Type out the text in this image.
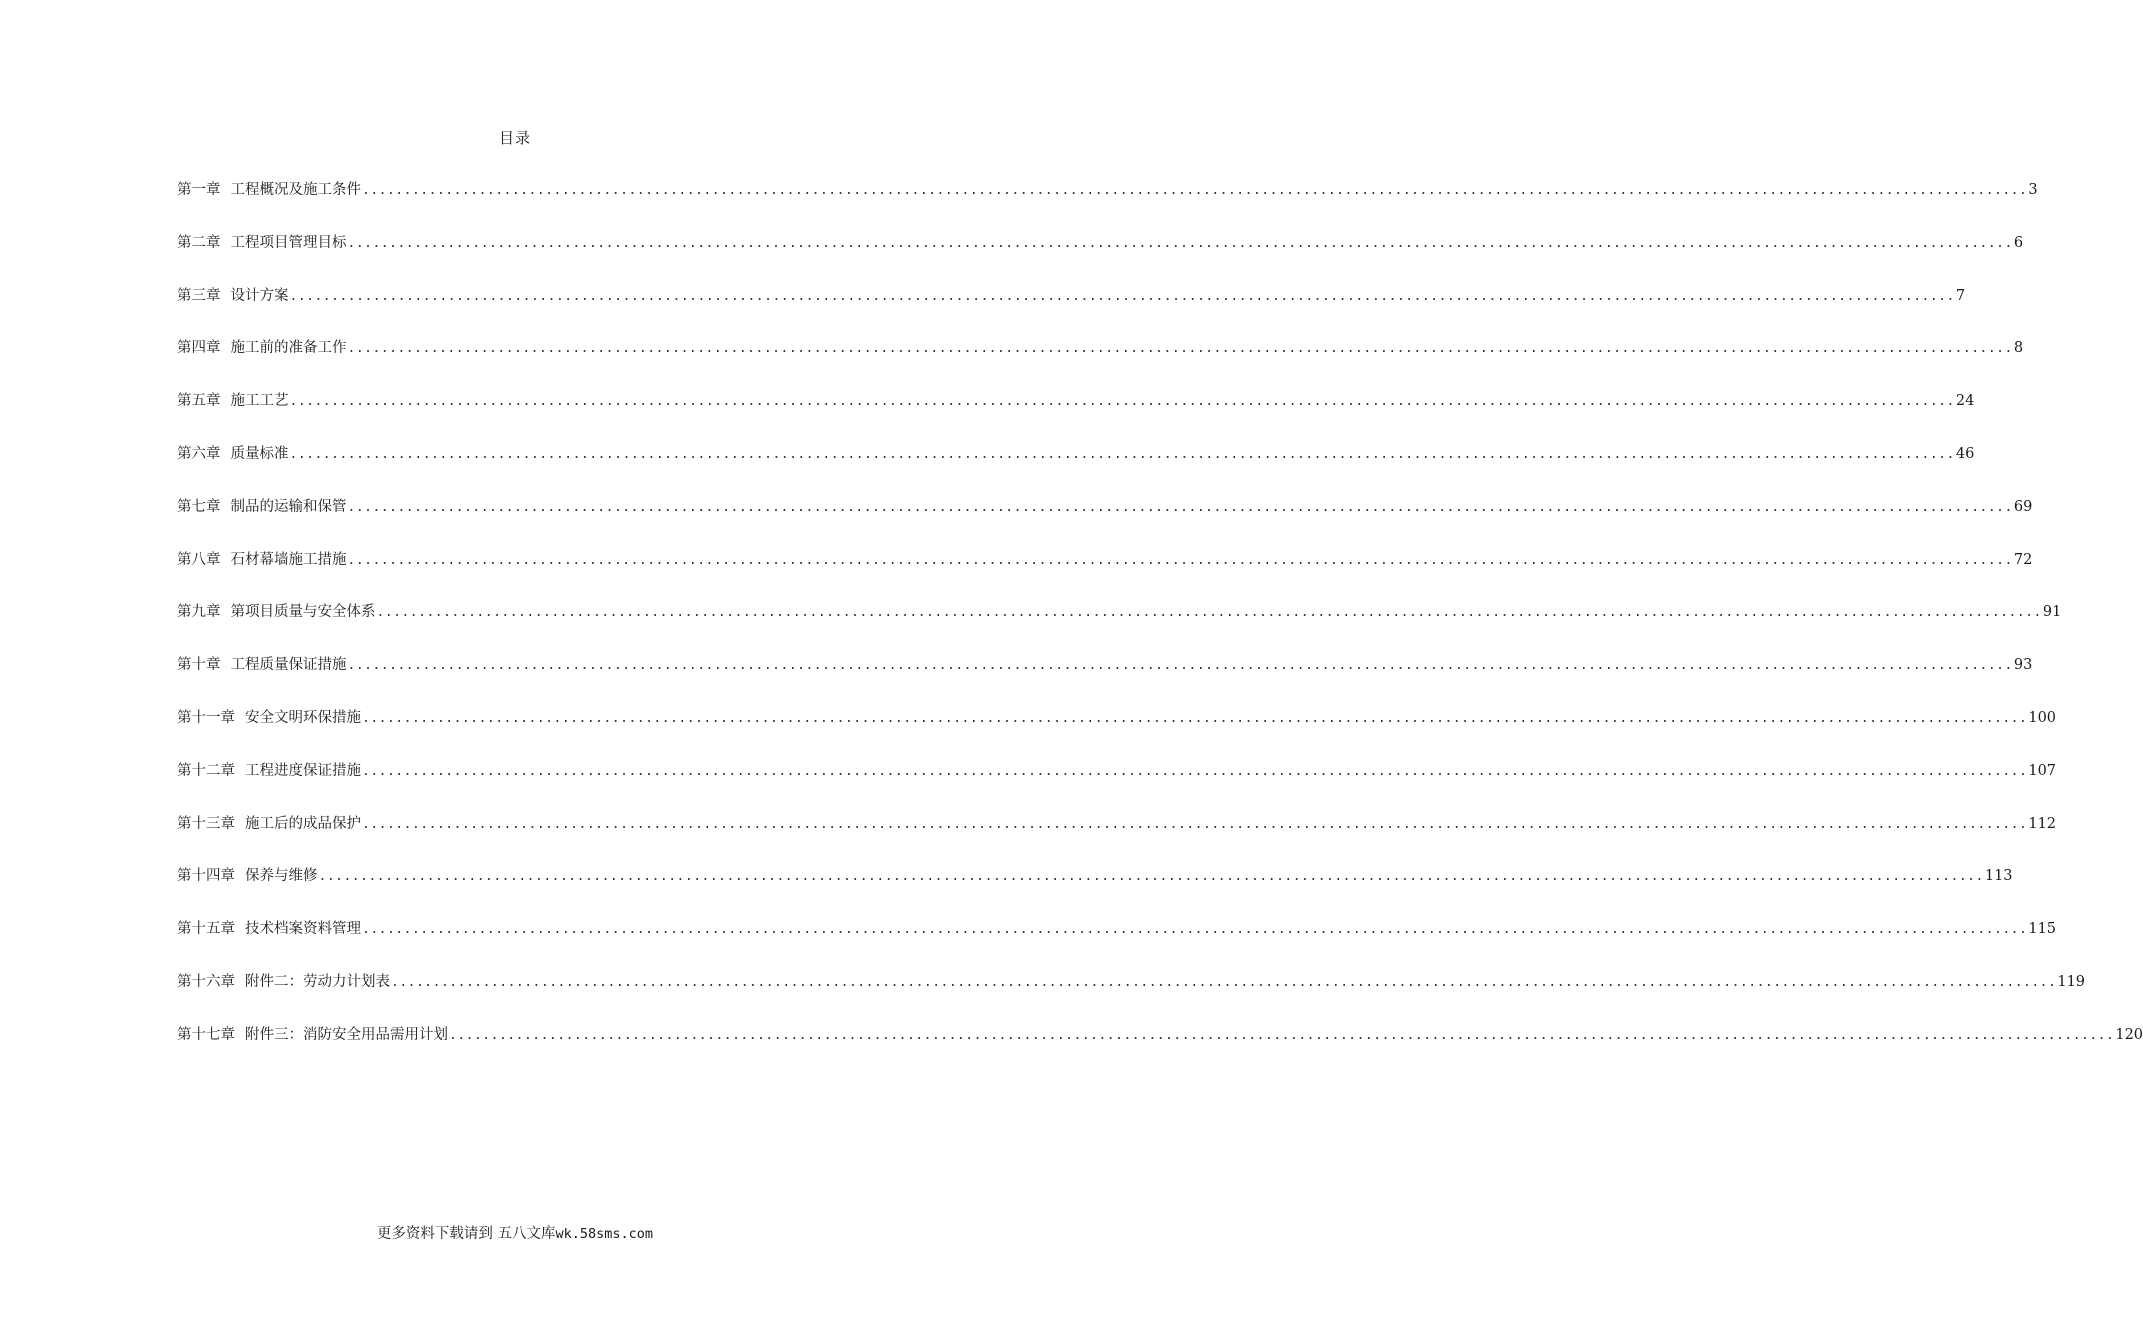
目录
第一章 工程概况及施工条件 ........................................................................................................................................................................................................ 3
第二章 工程项目管理目标 ........................................................................................................................................................................................................ 6
第三章 设计方案 ........................................................................................................................................................................................................ 7
第四章 施工前的准备工作 ........................................................................................................................................................................................................ 8
第五章 施工工艺 ........................................................................................................................................................................................................ 24
第六章 质量标准 ........................................................................................................................................................................................................ 46
第七章 制品的运输和保管 ........................................................................................................................................................................................................ 69
第八章 石材幕墙施工措施 ........................................................................................................................................................................................................ 72
第九章 第项目质量与安全体系 ........................................................................................................................................................................................................ 91
第十章 工程质量保证措施 ........................................................................................................................................................................................................ 93
第十一章 安全文明环保措施 ........................................................................................................................................................................................................ 100
第十二章 工程进度保证措施 ........................................................................................................................................................................................................ 107
第十三章 施工后的成品保护 ........................................................................................................................................................................................................ 112
第十四章 保养与维修 ........................................................................................................................................................................................................ 113
第十五章 技术档案资料管理 ........................................................................................................................................................................................................ 115
第十六章 附件二：劳动力计划表 ........................................................................................................................................................................................................ 119
第十七章 附件三：消防安全用品需用计划 ........................................................................................................................................................................................................ 120
更多资料下载请到 五八文库wk.58sms.com
